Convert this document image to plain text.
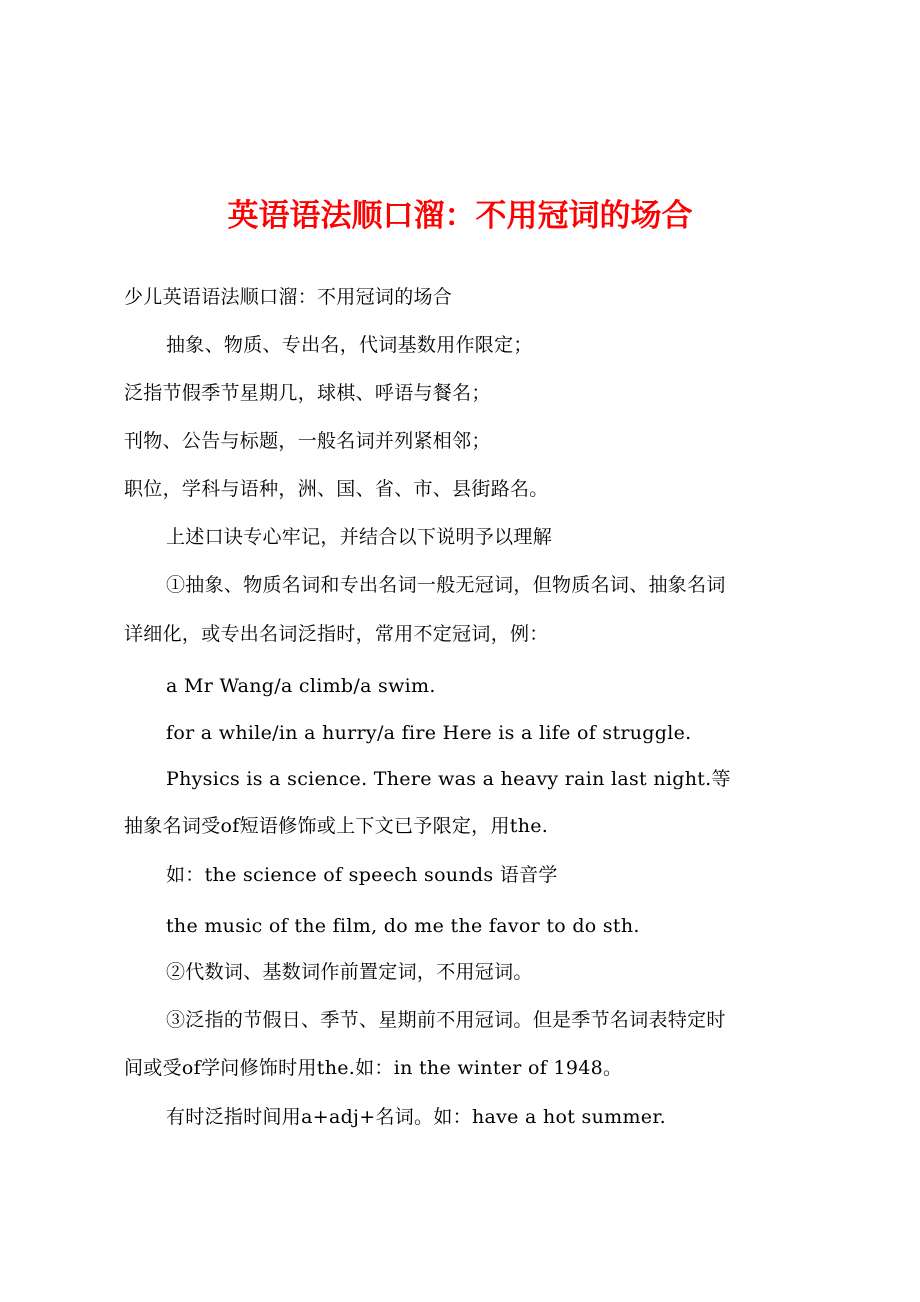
英语语法顺口溜：不用冠词的场合

少儿英语语法顺口溜：不用冠词的场合

抽象、物质、专出名，代词基数用作限定；

泛指节假季节星期几，球棋、呼语与餐名；

刊物、公告与标题，一般名词并列紧相邻；

职位，学科与语种，洲、国、省、市、县街路名。

上述口诀专心牢记，并结合以下说明予以理解

①抽象、物质名词和专出名词一般无冠词，但物质名词、抽象名词

详细化，或专出名词泛指时，常用不定冠词，例：

a Mr Wang/a climb/a swim.

for a while/in a hurry/a fire Here is a life of struggle.

Physics is a science. There was a heavy rain last night.等

抽象名词受of短语修饰或上下文已予限定，用the.

如：the science of speech sounds 语音学

the music of the film, do me the favor to do sth.

②代数词、基数词作前置定词，不用冠词。

③泛指的节假日、季节、星期前不用冠词。但是季节名词表特定时

间或受of学问修饰时用the.如：in the winter of 1948。

有时泛指时间用a+adj+名词。如：have a hot summer.
